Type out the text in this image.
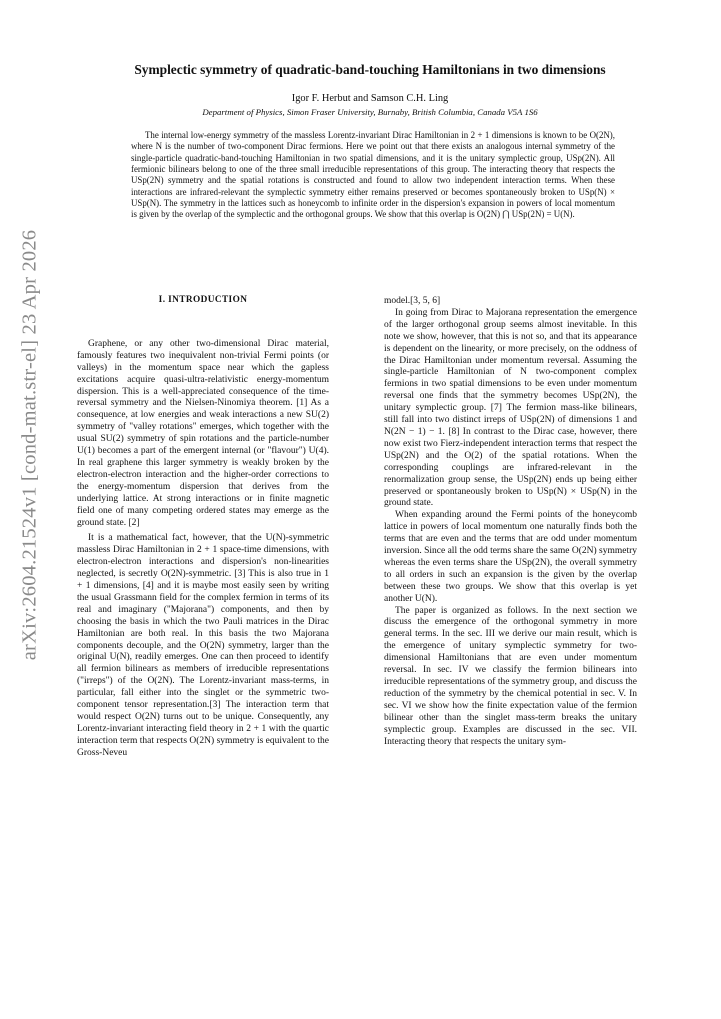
arXiv:2604.21524v1 [cond-mat.str-el] 23 Apr 2026
Symplectic symmetry of quadratic-band-touching Hamiltonians in two dimensions
Igor F. Herbut and Samson C.H. Ling
Department of Physics, Simon Fraser University, Burnaby, British Columbia, Canada V5A 1S6

The internal low-energy symmetry of the massless Lorentz-invariant Dirac Hamiltonian in 2 + 1 dimensions is known to be O(2N), where N is the number of two-component Dirac fermions. Here we point out that there exists an analogous internal symmetry of the single-particle quadratic-band-touching Hamiltonian in two spatial dimensions, and it is the unitary symplectic group, USp(2N). All fermionic bilinears belong to one of the three small irreducible representations of this group. The interacting theory that respects the USp(2N) symmetry and the spatial rotations is constructed and found to allow two independent interaction terms. When these interactions are infrared-relevant the symplectic symmetry either remains preserved or becomes spontaneously broken to USp(N) × USp(N). The symmetry in the lattices such as honeycomb to infinite order in the dispersion's expansion in powers of local momentum is given by the overlap of the symplectic and the orthogonal groups. We show that this overlap is O(2N) ⋂ USp(2N) = U(N).

I. INTRODUCTION

Graphene, or any other two-dimensional Dirac material, famously features two inequivalent non-trivial Fermi points (or valleys) in the momentum space near which the gapless excitations acquire quasi-ultra-relativistic energy-momentum dispersion. This is a well-appreciated consequence of the time-reversal symmetry and the Nielsen-Ninomiya theorem. [1] As a consequence, at low energies and weak interactions a new SU(2) symmetry of "valley rotations" emerges, which together with the usual SU(2) symmetry of spin rotations and the particle-number U(1) becomes a part of the emergent internal (or "flavour") U(4). In real graphene this larger symmetry is weakly broken by the electron-electron interaction and the higher-order corrections to the energy-momentum dispersion that derives from the underlying lattice. At strong interactions or in finite magnetic field one of many competing ordered states may emerge as the ground state. [2]

It is a mathematical fact, however, that the U(N)-symmetric massless Dirac Hamiltonian in 2 + 1 space-time dimensions, with electron-electron interactions and dispersion's non-linearities neglected, is secretly O(2N)-symmetric. [3] This is also true in 1 + 1 dimensions, [4] and it is maybe most easily seen by writing the usual Grassmann field for the complex fermion in terms of its real and imaginary ("Majorana") components, and then by choosing the basis in which the two Pauli matrices in the Dirac Hamiltonian are both real. In this basis the two Majorana components decouple, and the O(2N) symmetry, larger than the original U(N), readily emerges. One can then proceed to identify all fermion bilinears as members of irreducible representations ("irreps") of the O(2N). The Lorentz-invariant mass-terms, in particular, fall either into the singlet or the symmetric two-component tensor representation.[3] The interaction term that would respect O(2N) turns out to be unique. Consequently, any Lorentz-invariant interacting field theory in 2 + 1 with the quartic interaction term that respects O(2N) symmetry is equivalent to the Gross-Neveu

model.[3, 5, 6]

In going from Dirac to Majorana representation the emergence of the larger orthogonal group seems almost inevitable. In this note we show, however, that this is not so, and that its appearance is dependent on the linearity, or more precisely, on the oddness of the Dirac Hamiltonian under momentum reversal. Assuming the single-particle Hamiltonian of N two-component complex fermions in two spatial dimensions to be even under momentum reversal one finds that the symmetry becomes USp(2N), the unitary symplectic group. [7] The fermion mass-like bilinears, still fall into two distinct irreps of USp(2N) of dimensions 1 and N(2N − 1) − 1. [8] In contrast to the Dirac case, however, there now exist two Fierz-independent interaction terms that respect the USp(2N) and the O(2) of the spatial rotations. When the corresponding couplings are infrared-relevant in the renormalization group sense, the USp(2N) ends up being either preserved or spontaneously broken to USp(N) × USp(N) in the ground state.

When expanding around the Fermi points of the honeycomb lattice in powers of local momentum one naturally finds both the terms that are even and the terms that are odd under momentum inversion. Since all the odd terms share the same O(2N) symmetry whereas the even terms share the USp(2N), the overall symmetry to all orders in such an expansion is the given by the overlap between these two groups. We show that this overlap is yet another U(N).

The paper is organized as follows. In the next section we discuss the emergence of the orthogonal symmetry in more general terms. In the sec. III we derive our main result, which is the emergence of unitary symplectic symmetry for two-dimensional Hamiltonians that are even under momentum reversal. In sec. IV we classify the fermion bilinears into irreducible representations of the symmetry group, and discuss the reduction of the symmetry by the chemical potential in sec. V. In sec. VI we show how the finite expectation value of the fermion bilinear other than the singlet mass-term breaks the unitary symplectic group. Examples are discussed in the sec. VII. Interacting theory that respects the unitary sym-
